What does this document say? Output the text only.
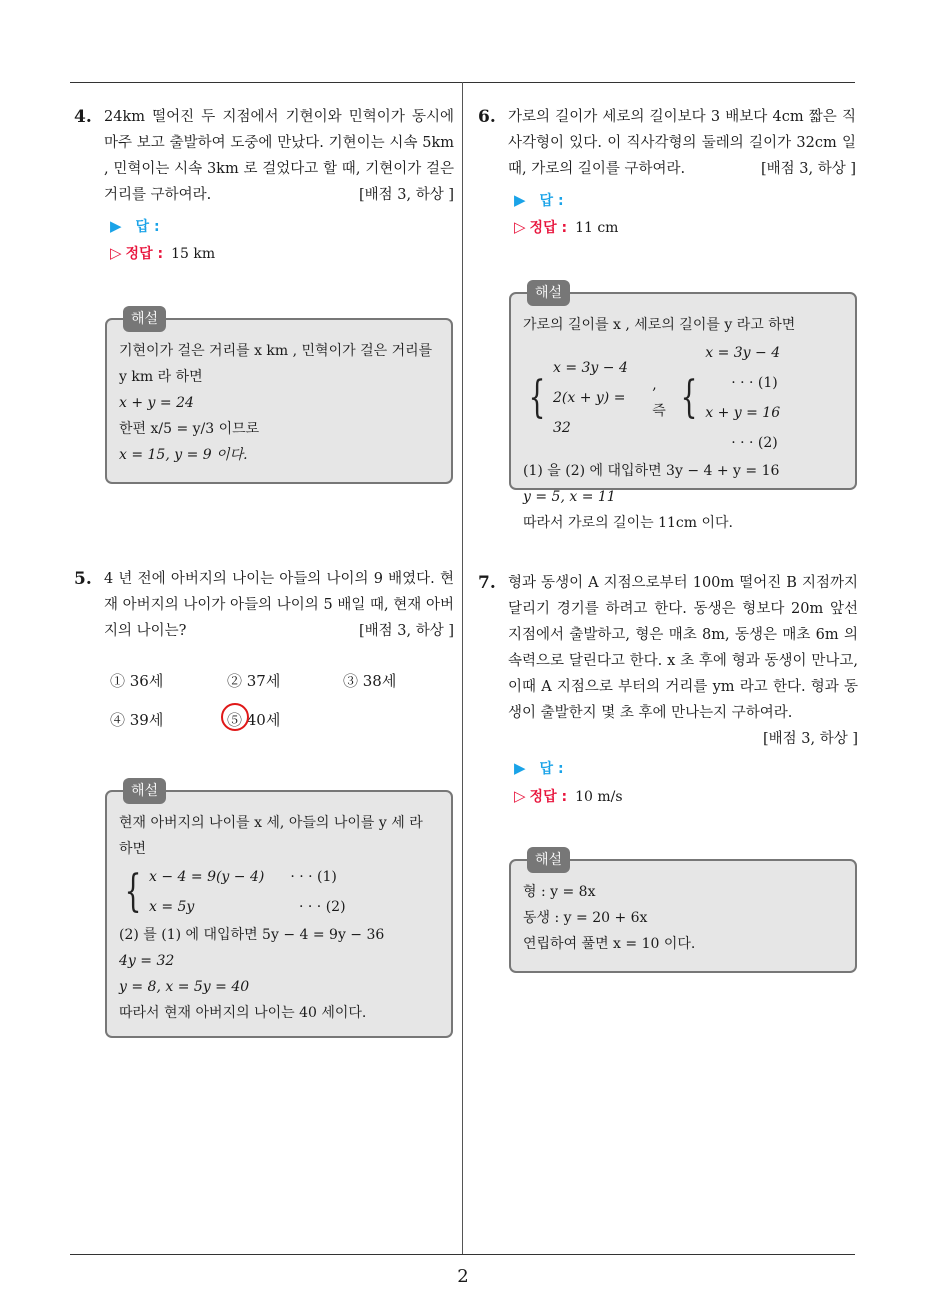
4. 24km 떨어진 두 지점에서 기현이와 민혁이가 동시에 마주 보고 출발하여 도중에 만났다. 기현이는 시속 5km , 민혁이는 시속 3km 로 걸었다고 할 때, 기현이가 걸은 거리를 구하여라.	[배점 3, 하상 ]
▶ 답 :
▷ 정답 : 15 km
해설
기현이가 걸은 거리를 x km , 민혁이가 걸은 거리를 y km 라 하면
x + y = 24
한편 x/5 = y/3 이므로
x = 15, y = 9 이다.
5. 4 년 전에 아버지의 나이는 아들의 나이의 9 배였다. 현재 아버지의 나이가 아들의 나이의 5 배일 때, 현재 아버지의 나이는?	[배점 3, 하상 ]
① 36세	② 37세	③ 38세
④ 39세	⑤ 40세
해설
현재 아버지의 나이를 x 세, 아들의 나이를 y 세 라 하면
{ x − 4 = 9(y − 4) · · · (1)
x = 5y	· · · (2)
(2) 를 (1) 에 대입하면 5y − 4 = 9y − 36
4y = 32
y = 8, x = 5y = 40
따라서 현재 아버지의 나이는 40 세이다.
6. 가로의 길이가 세로의 길이보다 3 배보다 4cm 짧은 직사각형이 있다. 이 직사각형의 둘레의 길이가 32cm 일 때, 가로의 길이를 구하여라.	[배점 3, 하상 ]
▶ 답 :
▷ 정답 : 11 cm
해설
가로의 길이를 x , 세로의 길이를 y 라고 하면
{
x = 3y − 4
2(x + y) = 32
, 즉 {
x = 3y − 4· · · (1)
x + y = 16· · · (2)
(1) 을 (2) 에 대입하면 3y − 4 + y = 16
y = 5, x = 11
따라서 가로의 길이는 11cm 이다.
7. 형과 동생이 A 지점으로부터 100m 떨어진 B 지점까지 달리기 경기를 하려고 한다. 동생은 형보다 20m 앞선 지점에서 출발하고, 형은 매초 8m, 동생은 매초 6m 의 속력으로 달린다고 한다. x 초 후에 형과 동생이 만나고, 이때 A 지점으로 부터의 거리를 ym 라고 한다. 형과 동생이 출발한지 몇 초 후에 만나는지 구하여라.
[배점 3, 하상 ]
▶ 답 :
▷ 정답 : 10 m/s
해설
형 : y = 8x
동생 : y = 20 + 6x
연립하여 풀면 x = 10 이다.
2
